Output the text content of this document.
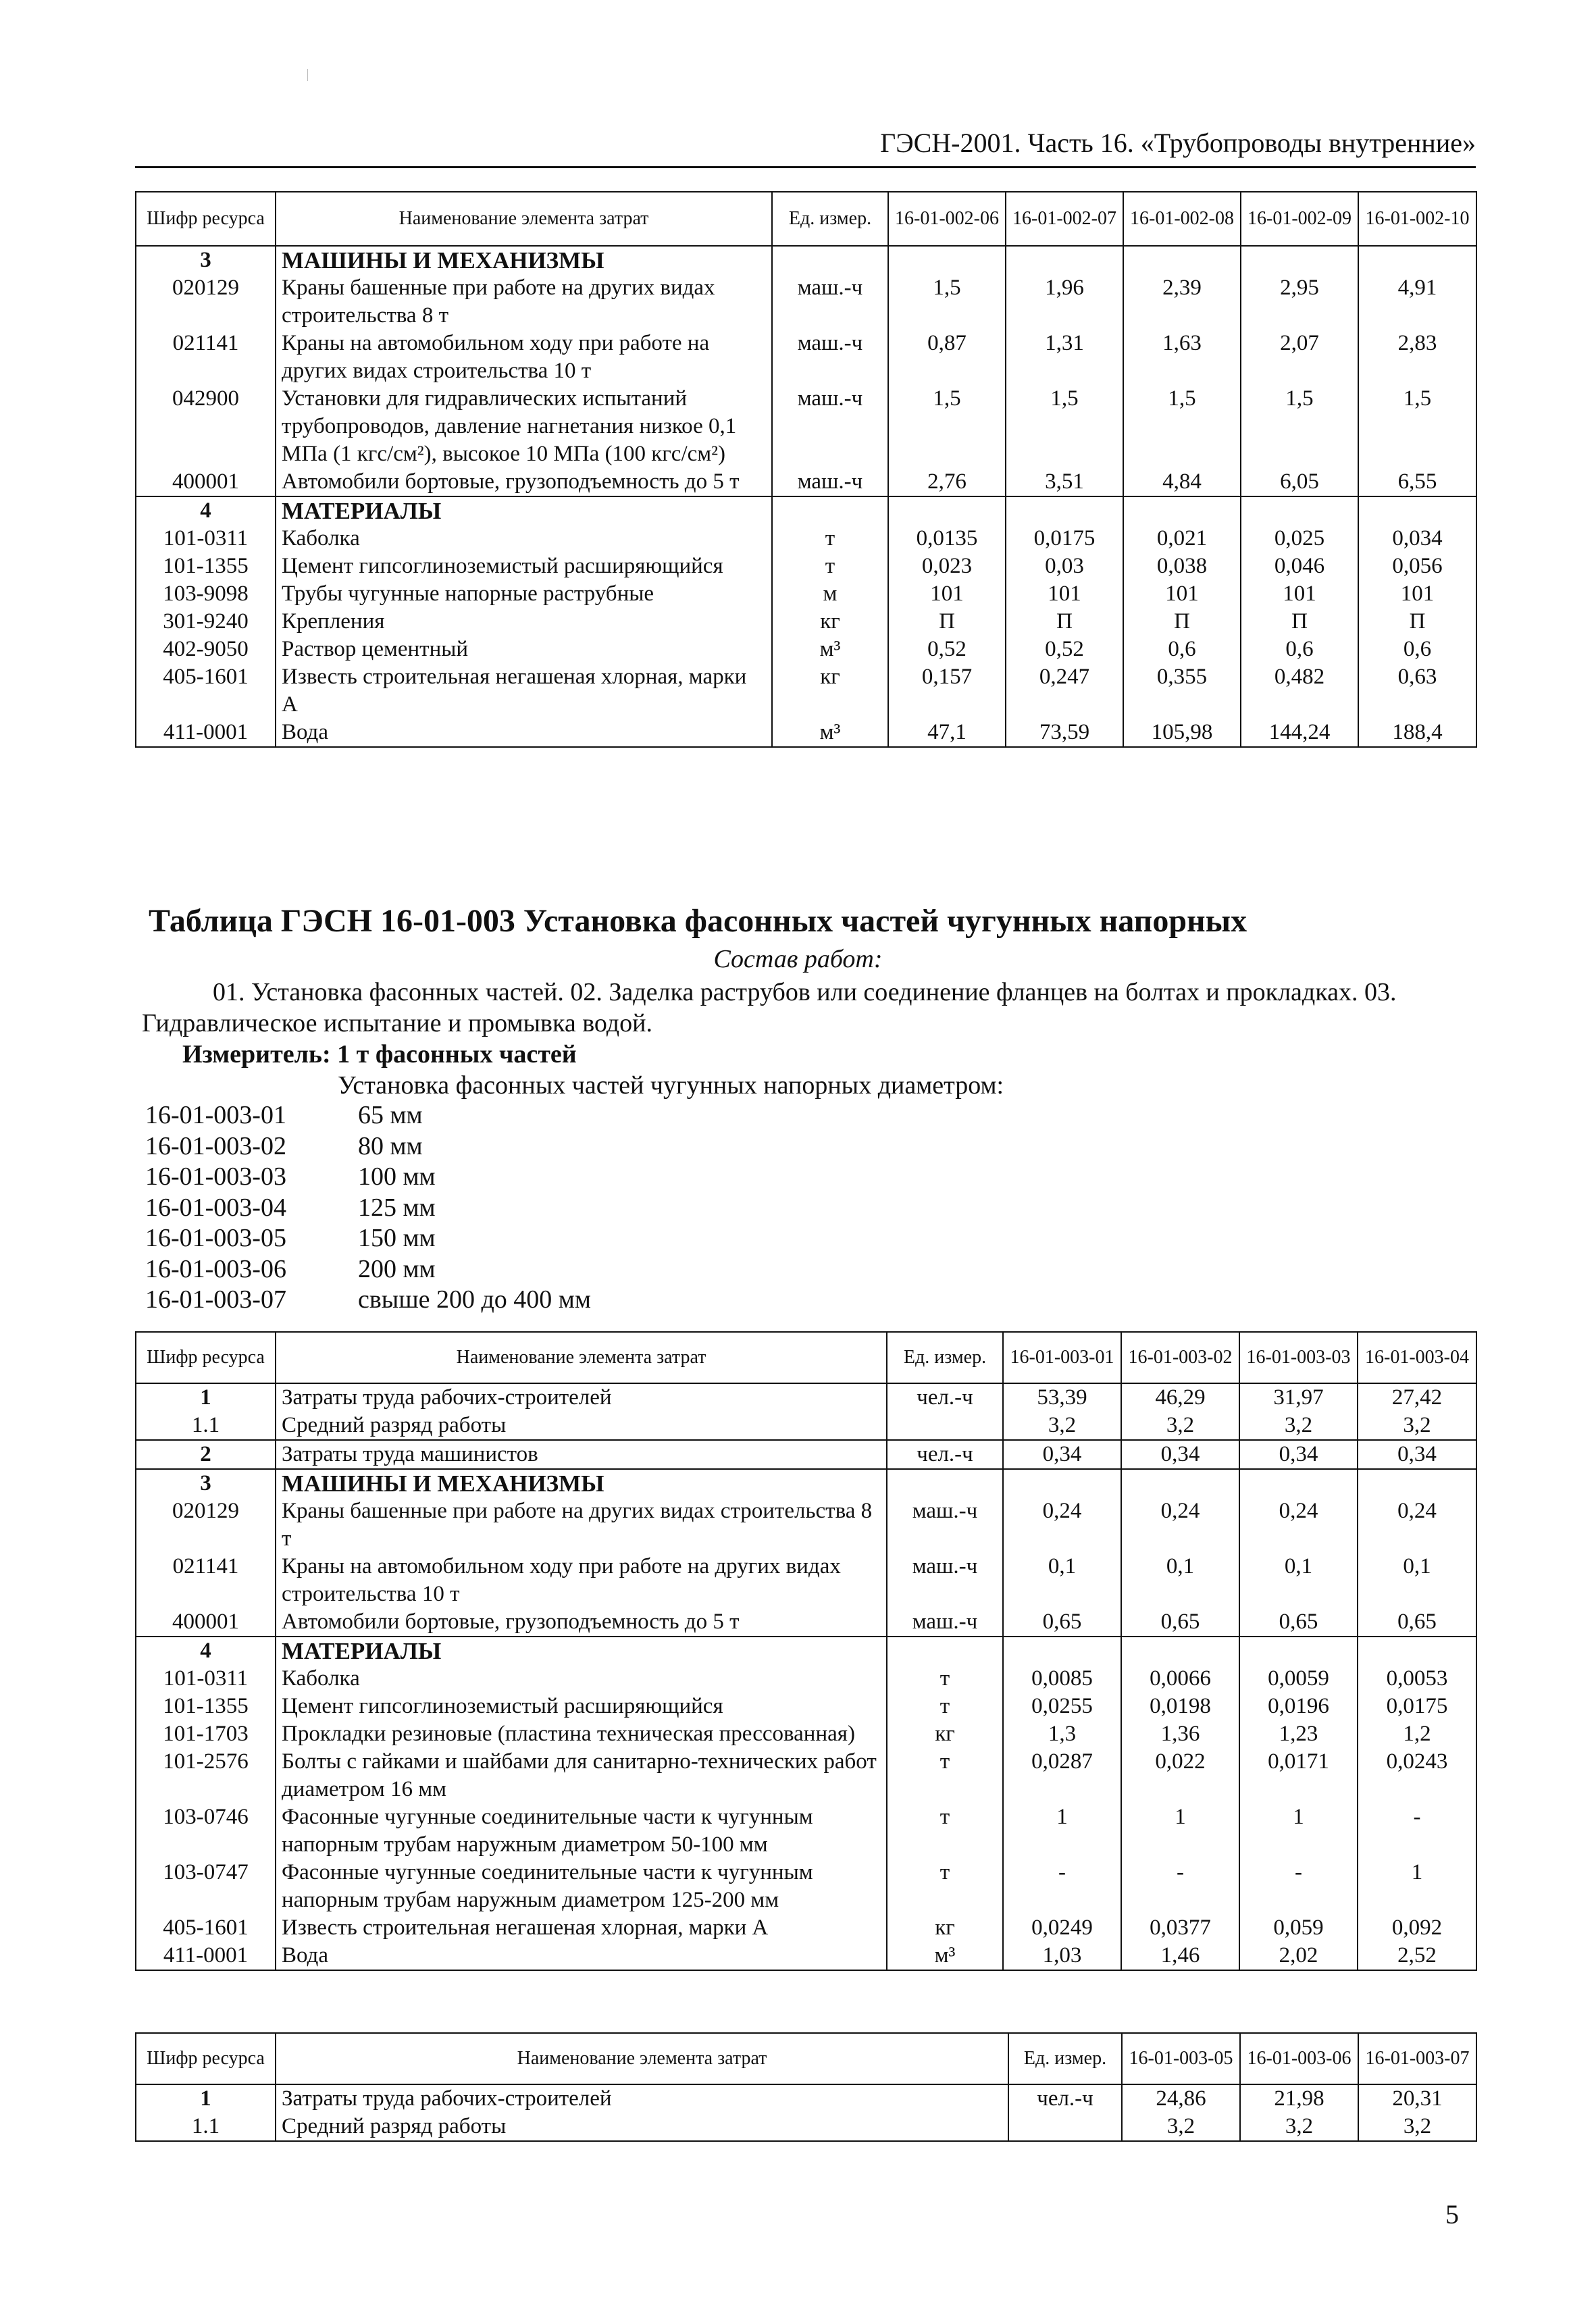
ГЭСН-2001. Часть 16. «Трубопроводы внутренние»
Шифр ресурса	Наименование элемента затрат	Ед. измер.	16-01-002-06	16-01-002-07	16-01-002-08	16-01-002-09	16-01-002-10
3	МАШИНЫ И МЕХАНИЗМЫ						
020129	Краны башенные при работе на других видах строительства 8 т	маш.-ч	1,5	1,96	2,39	2,95	4,91
021141	Краны на автомобильном ходу при работе на других видах строительства 10 т	маш.-ч	0,87	1,31	1,63	2,07	2,83
042900	Установки для гидравлических испытаний трубопроводов, давление нагнетания низкое 0,1 МПа (1 кгс/см²), высокое 10 МПа (100 кгс/см²)	маш.-ч	1,5	1,5	1,5	1,5	1,5
400001	Автомобили бортовые, грузоподъемность до 5 т	маш.-ч	2,76	3,51	4,84	6,05	6,55
4	МАТЕРИАЛЫ						
101-0311	Каболка	т	0,0135	0,0175	0,021	0,025	0,034
101-1355	Цемент гипсоглиноземистый расширяющийся	т	0,023	0,03	0,038	0,046	0,056
103-9098	Трубы чугунные напорные раструбные	м	101	101	101	101	101
301-9240	Крепления	кг	П	П	П	П	П
402-9050	Раствор цементный	м³	0,52	0,52	0,6	0,6	0,6
405-1601	Известь строительная негашеная хлорная, марки А	кг	0,157	0,247	0,355	0,482	0,63
411-0001	Вода	м³	47,1	73,59	105,98	144,24	188,4
Таблица ГЭСН 16-01-003 Установка фасонных частей чугунных напорных
Состав работ:
01. Установка фасонных частей. 02. Заделка раструбов или соединение фланцев на болтах и прокладках. 03. Гидравлическое испытание и промывка водой.
Измеритель: 1 т фасонных частей
Установка фасонных частей чугунных напорных диаметром:
16-01-003-01	65 мм
16-01-003-02	80 мм
16-01-003-03	100 мм
16-01-003-04	125 мм
16-01-003-05	150 мм
16-01-003-06	200 мм
16-01-003-07	свыше 200 до 400 мм
Шифр ресурса	Наименование элемента затрат	Ед. измер.	16-01-003-01	16-01-003-02	16-01-003-03	16-01-003-04
1	Затраты труда рабочих-строителей	чел.-ч	53,39	46,29	31,97	27,42
1.1	Средний разряд работы		3,2	3,2	3,2	3,2
2	Затраты труда машинистов	чел.-ч	0,34	0,34	0,34	0,34
3	МАШИНЫ И МЕХАНИЗМЫ					
020129	Краны башенные при работе на других видах строительства 8 т	маш.-ч	0,24	0,24	0,24	0,24
021141	Краны на автомобильном ходу при работе на других видах строительства 10 т	маш.-ч	0,1	0,1	0,1	0,1
400001	Автомобили бортовые, грузоподъемность до 5 т	маш.-ч	0,65	0,65	0,65	0,65
4	МАТЕРИАЛЫ					
101-0311	Каболка	т	0,0085	0,0066	0,0059	0,0053
101-1355	Цемент гипсоглиноземистый расширяющийся	т	0,0255	0,0198	0,0196	0,0175
101-1703	Прокладки резиновые (пластина техническая прессованная)	кг	1,3	1,36	1,23	1,2
101-2576	Болты с гайками и шайбами для санитарно-технических работ диаметром 16 мм	т	0,0287	0,022	0,0171	0,0243
103-0746	Фасонные чугунные соединительные части к чугунным напорным трубам наружным диаметром 50-100 мм	т	1	1	1	-
103-0747	Фасонные чугунные соединительные части к чугунным напорным трубам наружным диаметром 125-200 мм	т	-	-	-	1
405-1601	Известь строительная негашеная хлорная, марки А	кг	0,0249	0,0377	0,059	0,092
411-0001	Вода	м³	1,03	1,46	2,02	2,52
Шифр ресурса	Наименование элемента затрат	Ед. измер.	16-01-003-05	16-01-003-06	16-01-003-07
1	Затраты труда рабочих-строителей	чел.-ч	24,86	21,98	20,31
1.1	Средний разряд работы		3,2	3,2	3,2
5
